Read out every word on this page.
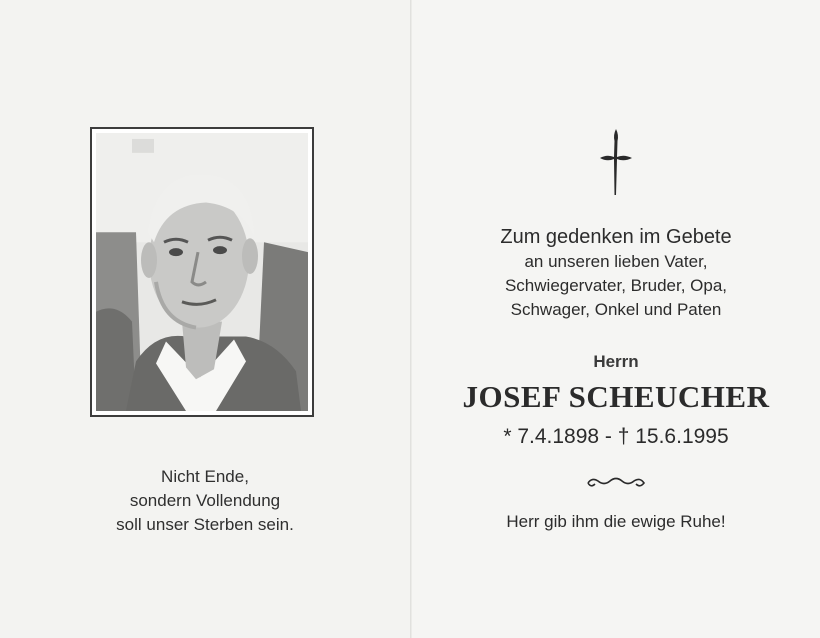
Nicht Ende,
sondern Vollendung
soll unser Sterben sein.
Zum gedenken im Gebete
an unseren lieben Vater,
Schwiegervater, Bruder, Opa,
Schwager, Onkel und Paten
Herrn
JOSEF SCHEUCHER
* 7.4.1898 - † 15.6.1995
Herr gib ihm die ewige Ruhe!
